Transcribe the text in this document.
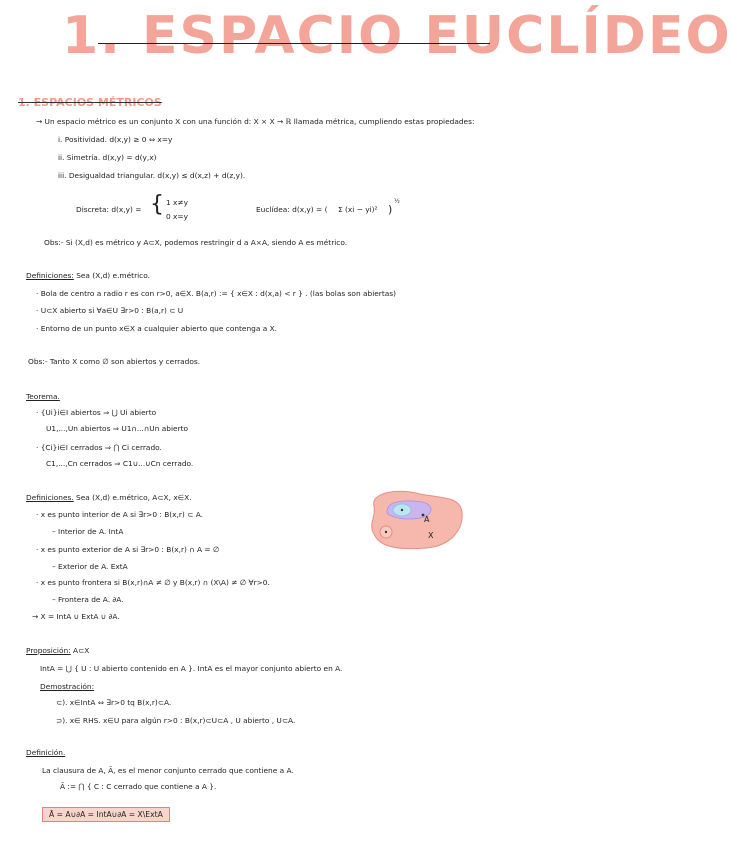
1. ESPACIO EUCLÍDEO
1. ESPACIOS MÉTRICOS
→ Un espacio métrico es un conjunto X con una función d: X × X → ℝ llamada métrica, cumpliendo estas propiedades:
i. Positividad. d(x,y) ≥ 0 ⇔ x=y
ii. Simetría. d(x,y) = d(y,x)
iii. Desigualdad triangular. d(x,y) ≤ d(x,z) + d(z,y).
Discreta: d(x,y) = { 1 x≠y
0 x=y
Euclídea: d(x,y) = ( Σ (xi − yi)² )
½
Obs:- Si (X,d) es métrico y A⊂X, podemos restringir d a A×A, siendo A es métrico.
Definiciones: Sea (X,d) e.métrico.
· Bola de centro a radio r es con r>0, a∈X. B(a,r) := { x∈X : d(x,a) < r } . (las bolas son abiertas)
· U⊂X abierto si ∀a∈U ∃r>0 : B(a,r) ⊂ U
· Entorno de un punto x∈X a cualquier abierto que contenga a X.
Obs:- Tanto X como ∅ son abiertos y cerrados.
Teorema.
· {Ui}i∈I abiertos ⇒ ⋃ Ui abierto
U1,...,Un abiertos ⇒ U1∩...∩Un abierto
· {Ci}i∈I cerrados ⇒ ⋂ Ci cerrado.
C1,...,Cn cerrados ⇒ C1∪...∪Cn cerrado.
Definiciones. Sea (X,d) e.métrico, A⊂X, x∈X.
· x es punto interior de A si ∃r>0 : B(x,r) ⊂ A.
– Interior de A. IntA
· x es punto exterior de A si ∃r>0 : B(x,r) ∩ A = ∅
– Exterior de A. ExtA
· x es punto frontera si B(x,r)∩A ≠ ∅ y B(x,r) ∩ (X\A) ≠ ∅ ∀r>0.
– Frontera de A. ∂A.
→ X = IntA ∪ ExtA ∪ ∂A.
Proposición: A⊂X
IntA = ⋃ { U : U abierto contenido en A }. IntA es el mayor conjunto abierto en A.
Demostración:
⊂). x∈IntA ⇔ ∃r>0 tq B(x,r)⊂A.
⊃). x∈ RHS. x∈U para algún r>0 : B(x,r)⊂U⊂A , U abierto , U⊂A.
Definición.
La clausura de A, Ā, es el menor conjunto cerrado que contiene a A.
Ā := ⋂ { C : C cerrado que contiene a A }.
Ā = A∪∂A = IntA∪∂A = X\ExtA
A
X
